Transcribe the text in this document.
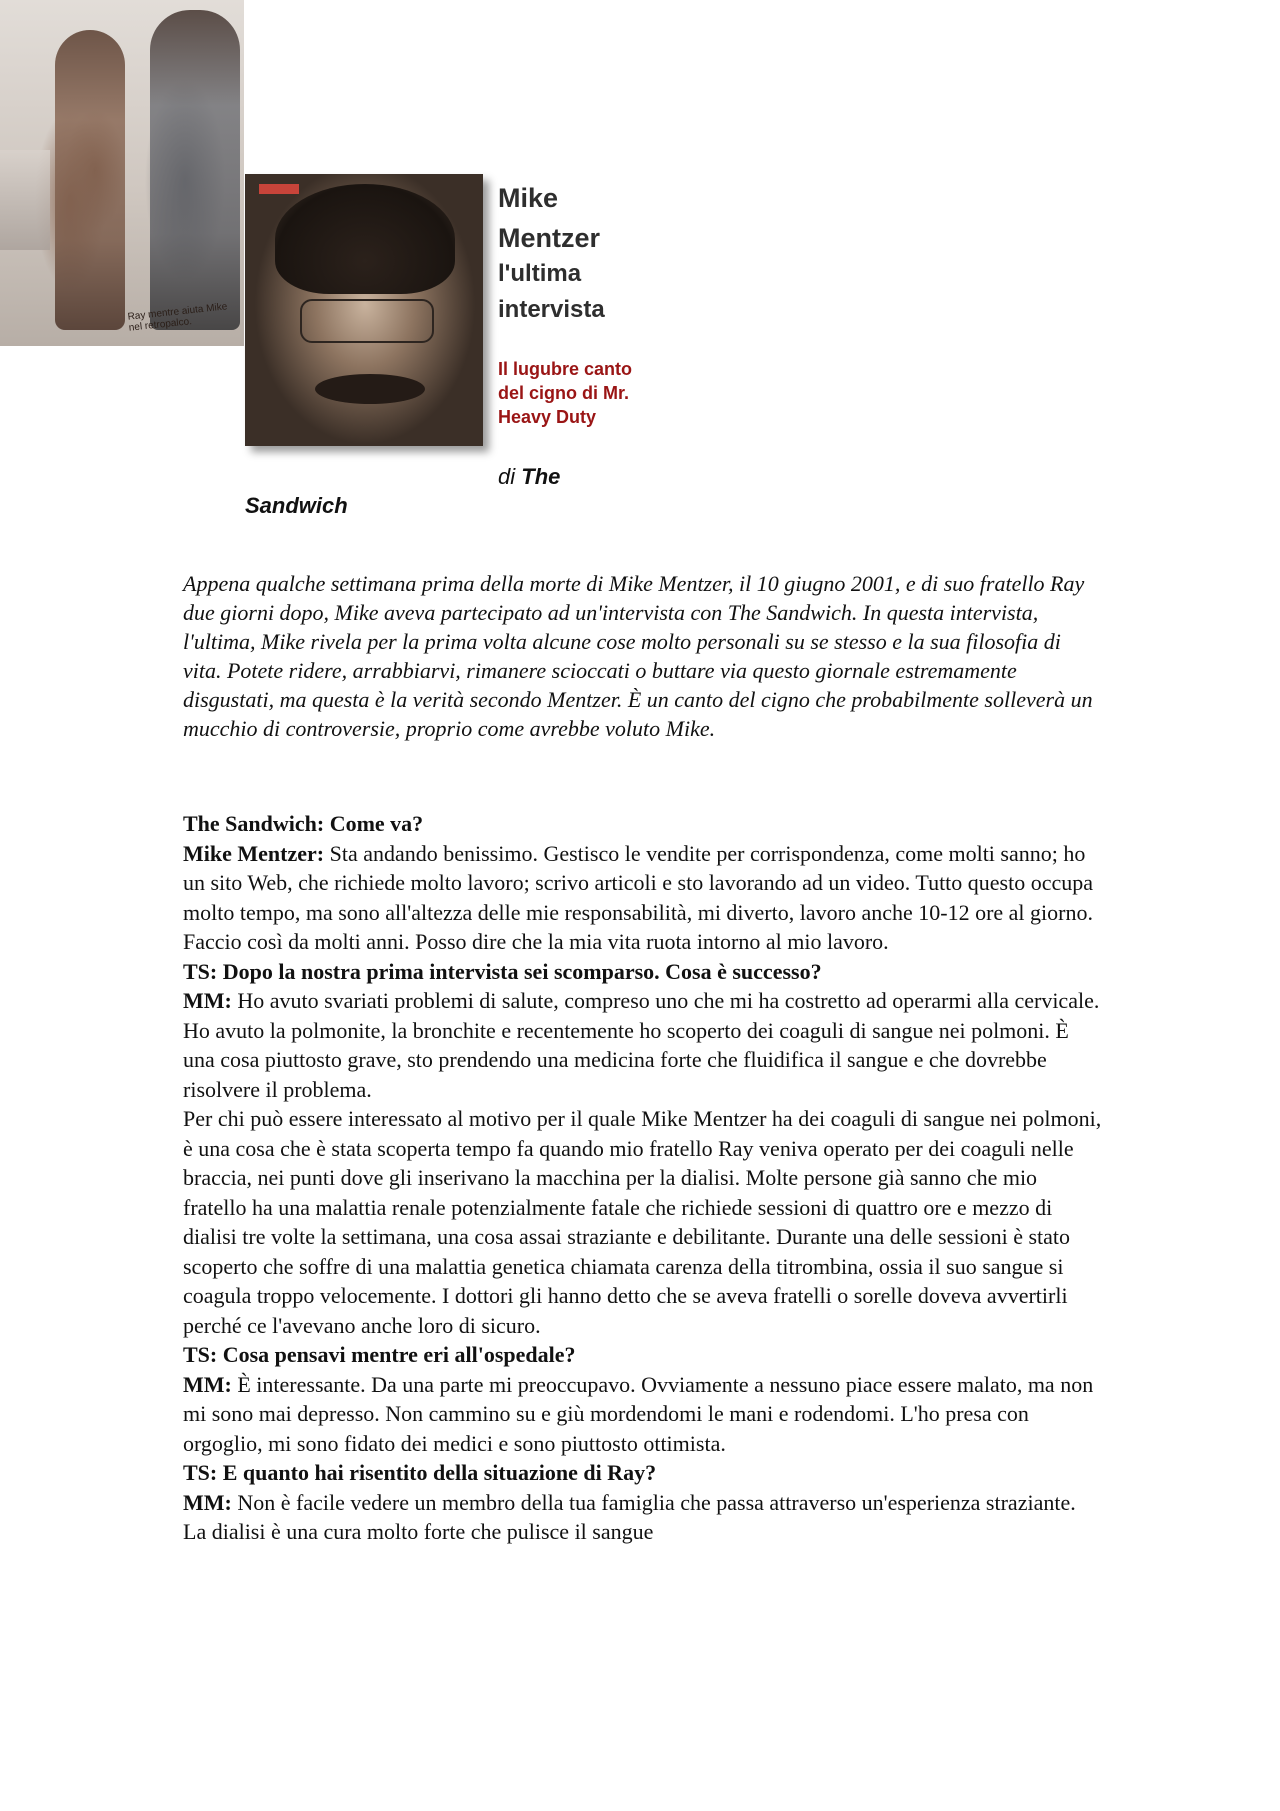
Ray mentre aiuta Mike nel retropalco.
Mike
Mentzer
l'ultima
intervista

Il lugubre canto
del cigno di Mr.
Heavy Duty

di The

Sandwich

Appena qualche settimana prima della morte di Mike Mentzer, il 10 giugno 2001, e di suo fratello Ray due giorni dopo, Mike aveva partecipato ad un'intervista con The Sandwich. In questa intervista, l'ultima, Mike rivela per la prima volta alcune cose molto personali su se stesso e la sua filosofia di vita. Potete ridere, arrabbiarvi, rimanere scioccati o buttare via questo giornale estremamente disgustati, ma questa è la verità secondo Mentzer. È un canto del cigno che probabilmente solleverà un mucchio di controversie, proprio come avrebbe voluto Mike.

The Sandwich: Come va?

Mike Mentzer: Sta andando benissimo. Gestisco le vendite per corrispondenza, come molti sanno; ho un sito Web, che richiede molto lavoro; scrivo articoli e sto lavorando ad un video. Tutto questo occupa molto tempo, ma sono all'altezza delle mie responsabilità, mi diverto, lavoro anche 10-12 ore al giorno. Faccio così da molti anni. Posso dire che la mia vita ruota intorno al mio lavoro.

TS: Dopo la nostra prima intervista sei scomparso. Cosa è successo?

MM: Ho avuto svariati problemi di salute, compreso uno che mi ha costretto ad operarmi alla cervicale. Ho avuto la polmonite, la bronchite e recentemente ho scoperto dei coaguli di sangue nei polmoni. È una cosa piuttosto grave, sto prendendo una medicina forte che fluidifica il sangue e che dovrebbe risolvere il problema.

Per chi può essere interessato al motivo per il quale Mike Mentzer ha dei coaguli di sangue nei polmoni, è una cosa che è stata scoperta tempo fa quando mio fratello Ray veniva operato per dei coaguli nelle braccia, nei punti dove gli inserivano la macchina per la dialisi. Molte persone già sanno che mio fratello ha una malattia renale potenzialmente fatale che richiede sessioni di quattro ore e mezzo di dialisi tre volte la settimana, una cosa assai straziante e debilitante. Durante una delle sessioni è stato scoperto che soffre di una malattia genetica chiamata carenza della titrombina, ossia il suo sangue si coagula troppo velocemente. I dottori gli hanno detto che se aveva fratelli o sorelle doveva avvertirli perché ce l'avevano anche loro di sicuro.

TS: Cosa pensavi mentre eri all'ospedale?

MM: È interessante. Da una parte mi preoccupavo. Ovviamente a nessuno piace essere malato, ma non mi sono mai depresso. Non cammino su e giù mordendomi le mani e rodendomi. L'ho presa con orgoglio, mi sono fidato dei medici e sono piuttosto ottimista.

TS: E quanto hai risentito della situazione di Ray?

MM: Non è facile vedere un membro della tua famiglia che passa attraverso un'esperienza straziante. La dialisi è una cura molto forte che pulisce il sangue
